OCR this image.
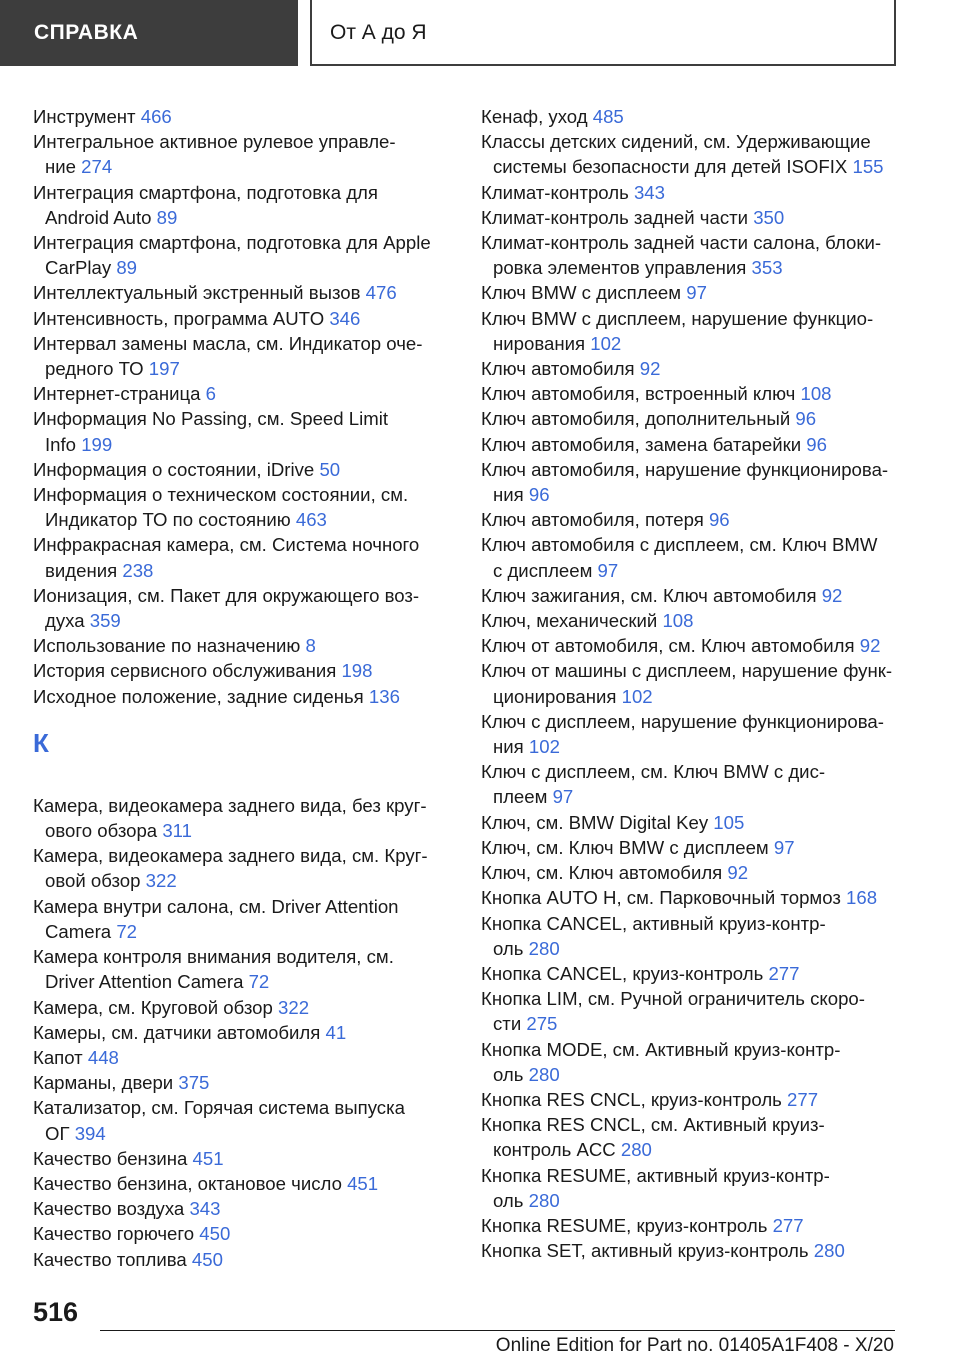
СПРАВКА	От А до Я
Инструмент 466
Интегральное активное рулевое управле-
ние 274
Интеграция смартфона, подготовка для
Android Auto 89
Интеграция смартфона, подготовка для Apple
CarPlay 89
Интеллектуальный экстренный вызов 476
Интенсивность, программа AUTO 346
Интервал замены масла, см. Индикатор оче-
редного ТО 197
Интернет-страница 6
Информация No Passing, см. Speed Limit
Info 199
Информация о состоянии, iDrive 50
Информация о техническом состоянии, см.
Индикатор ТО по состоянию 463
Инфракрасная камера, см. Система ночного
видения 238
Ионизация, см. Пакет для окружающего воз-
духа 359
Использование по назначению 8
История сервисного обслуживания 198
Исходное положение, задние сиденья 136
К
Камера, видеокамера заднего вида, без круг-
ового обзора 311
Камера, видеокамера заднего вида, см. Круг-
овой обзор 322
Камера внутри салона, см. Driver Attention
Camera 72
Камера контроля внимания водителя, см.
Driver Attention Camera 72
Камера, см. Круговой обзор 322
Камеры, см. датчики автомобиля 41
Капот 448
Карманы, двери 375
Катализатор, см. Горячая система выпуска
ОГ 394
Качество бензина 451
Качество бензина, октановое число 451
Качество воздуха 343
Качество горючего 450
Качество топлива 450
Кенаф, уход 485
Классы детских сидений, см. Удерживающие
системы безопасности для детей ISOFIX 155
Климат-контроль 343
Климат-контроль задней части 350
Климат-контроль задней части салона, блоки-
ровка элементов управления 353
Ключ BMW с дисплеем 97
Ключ BMW с дисплеем, нарушение функцио-
нирования 102
Ключ автомобиля 92
Ключ автомобиля, встроенный ключ 108
Ключ автомобиля, дополнительный 96
Ключ автомобиля, замена батарейки 96
Ключ автомобиля, нарушение функционирова-
ния 96
Ключ автомобиля, потеря 96
Ключ автомобиля с дисплеем, см. Ключ BMW
с дисплеем 97
Ключ зажигания, см. Ключ автомобиля 92
Ключ, механический 108
Ключ от автомобиля, см. Ключ автомобиля 92
Ключ от машины с дисплеем, нарушение функ-
ционирования 102
Ключ с дисплеем, нарушение функционирова-
ния 102
Ключ с дисплеем, см. Ключ BMW с дис-
плеем 97
Ключ, см. BMW Digital Key 105
Ключ, см. Ключ BMW с дисплеем 97
Ключ, см. Ключ автомобиля 92
Кнопка AUTO H, см. Парковочный тормоз 168
Кнопка CANCEL, активный круиз-контр-
оль 280
Кнопка CANCEL, круиз-контроль 277
Кнопка LIM, см. Ручной ограничитель скоро-
сти 275
Кнопка MODE, см. Активный круиз-контр-
оль 280
Кнопка RES CNCL, круиз-контроль 277
Кнопка RES CNCL, см. Активный круиз-
контроль ACC 280
Кнопка RESUME, активный круиз-контр-
оль 280
Кнопка RESUME, круиз-контроль 277
Кнопка SET, активный круиз-контроль 280
516
Online Edition for Part no. 01405A1F408 - X/20
